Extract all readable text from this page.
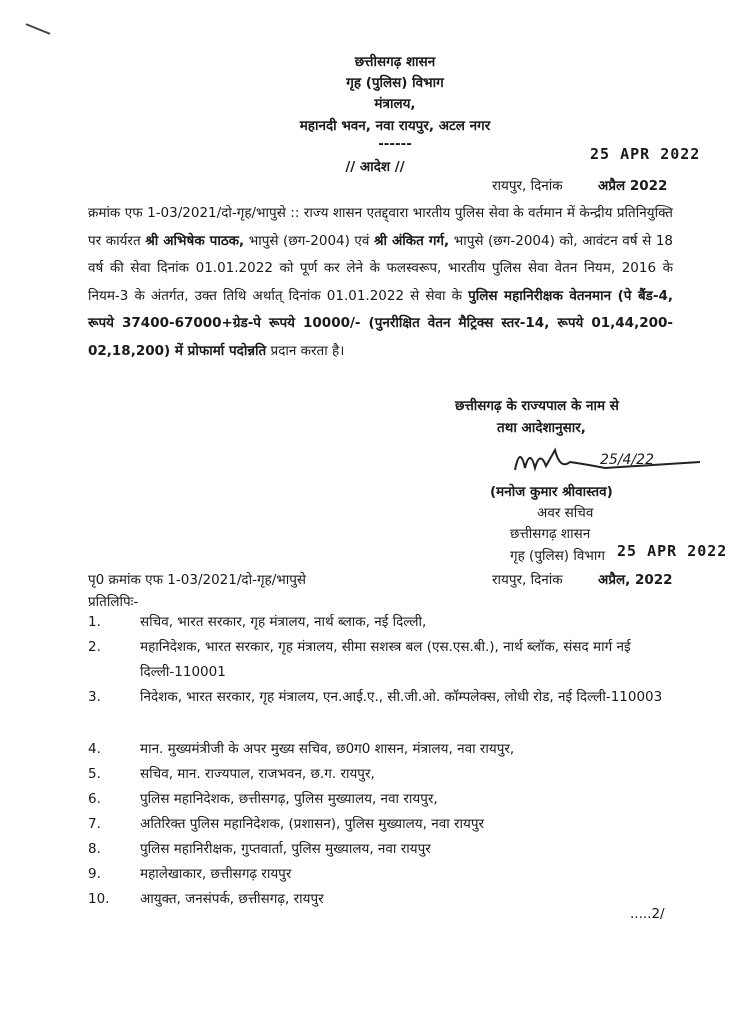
छत्तीसगढ़ शासन
गृह (पुलिस) विभाग
मंत्रालय,
महानदी भवन, नवा रायपुर, अटल नगर
------
// आदेश //
25 APR 2022
रायपुर, दिनांक	अप्रैल 2022
क्रमांक एफ 1-03/2021/दो-गृह/भापुसे :: राज्य शासन एतद्द्वारा भारतीय पुलिस सेवा के वर्तमान में केन्द्रीय प्रतिनियुक्ति पर कार्यरत श्री अभिषेक पाठक, भापुसे (छग-2004) एवं श्री अंकित गर्ग, भापुसे (छग-2004) को, आवंटन वर्ष से 18 वर्ष की सेवा दिनांक 01.01.2022 को पूर्ण कर लेने के फलस्वरूप, भारतीय पुलिस सेवा वेतन नियम, 2016 के नियम-3 के अंतर्गत, उक्त तिथि अर्थात् दिनांक 01.01.2022 से सेवा के पुलिस महानिरीक्षक वेतनमान (पे बैंड-4, रूपये 37400-67000+ग्रेड-पे रूपये 10000/- (पुनरीक्षित वेतन मैट्रिक्स स्तर-14, रूपये 01,44,200-02,18,200) में प्रोफार्मा पदोन्नति प्रदान करता है।
छत्तीसगढ़ के राज्यपाल के नाम से
तथा आदेशानुसार,
25/4/22
(मनोज कुमार श्रीवास्तव)
अवर सचिव
छत्तीसगढ़ शासन
गृह (पुलिस) विभाग 25 APR 2022
पृ0 क्रमांक एफ 1-03/2021/दो-गृह/भापुसे	रायपुर, दिनांक	अप्रैल, 2022
प्रतिलिपिः-
1.	सचिव, भारत सरकार, गृह मंत्रालय, नार्थ ब्लाक, नई दिल्ली,
2.	महानिदेशक, भारत सरकार, गृह मंत्रालय, सीमा सशस्त्र बल (एस.एस.बी.), नार्थ ब्लॉक, संसद मार्ग नई दिल्ली-110001
3.	निदेशक, भारत सरकार, गृह मंत्रालय, एन.आई.ए., सी.जी.ओ. कॉम्पलेक्स, लोधी रोड, नई दिल्ली-110003
4.	मान. मुख्यमंत्रीजी के अपर मुख्य सचिव, छ0ग0 शासन, मंत्रालय, नवा रायपुर,
5.	सचिव, मान. राज्यपाल, राजभवन, छ.ग. रायपुर,
6.	पुलिस महानिदेशक, छत्तीसगढ़, पुलिस मुख्यालय, नवा रायपुर,
7.	अतिरिक्त पुलिस महानिदेशक, (प्रशासन), पुलिस मुख्यालय, नवा रायपुर
8.	पुलिस महानिरीक्षक, गुप्तवार्ता, पुलिस मुख्यालय, नवा रायपुर
9.	महालेखाकार, छत्तीसगढ़ रायपुर
10. आयुक्त, जनसंपर्क, छत्तीसगढ़, रायपुर
.....2/
